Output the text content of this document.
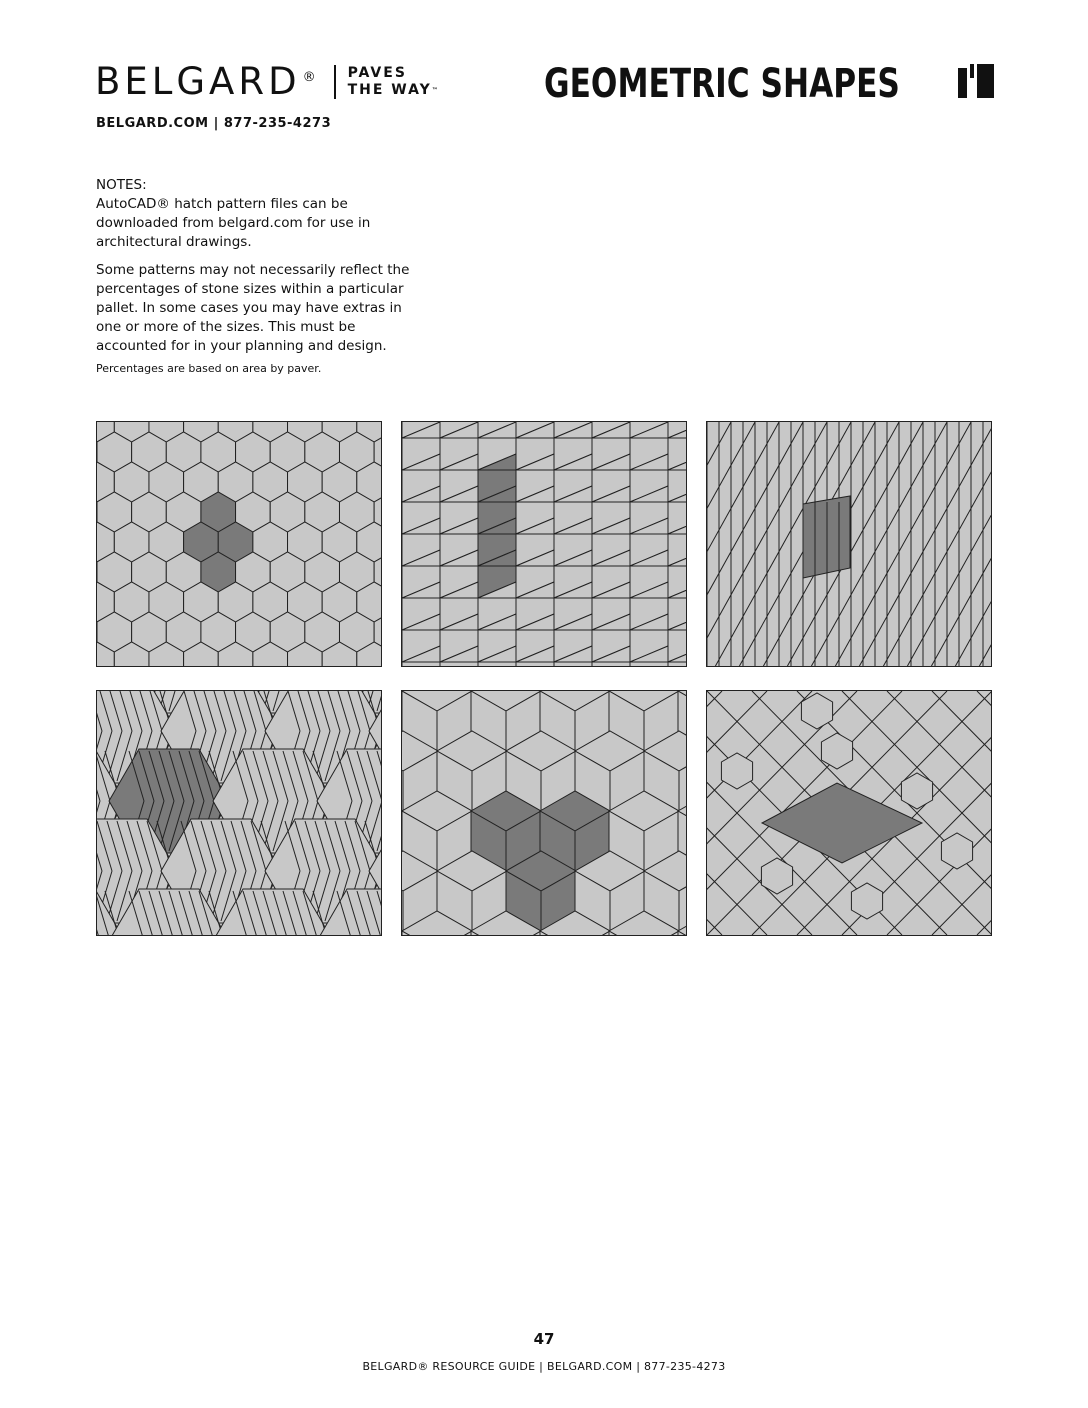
BELGARD ® PAVES
THE WAY™
BELGARD.COM | 877-235-4273
GEOMETRIC SHAPES

NOTES:

AutoCAD® hatch pattern files can be downloaded from belgard.com for use in architectural drawings.

Some patterns may not necessarily reflect the percentages of stone sizes within a particular pallet. In some cases you may have extras in one or more of the sizes. This must be accounted for in your planning and design.

Percentages are based on area by paver.

47
BELGARD® RESOURCE GUIDE | BELGARD.COM | 877-235-4273
